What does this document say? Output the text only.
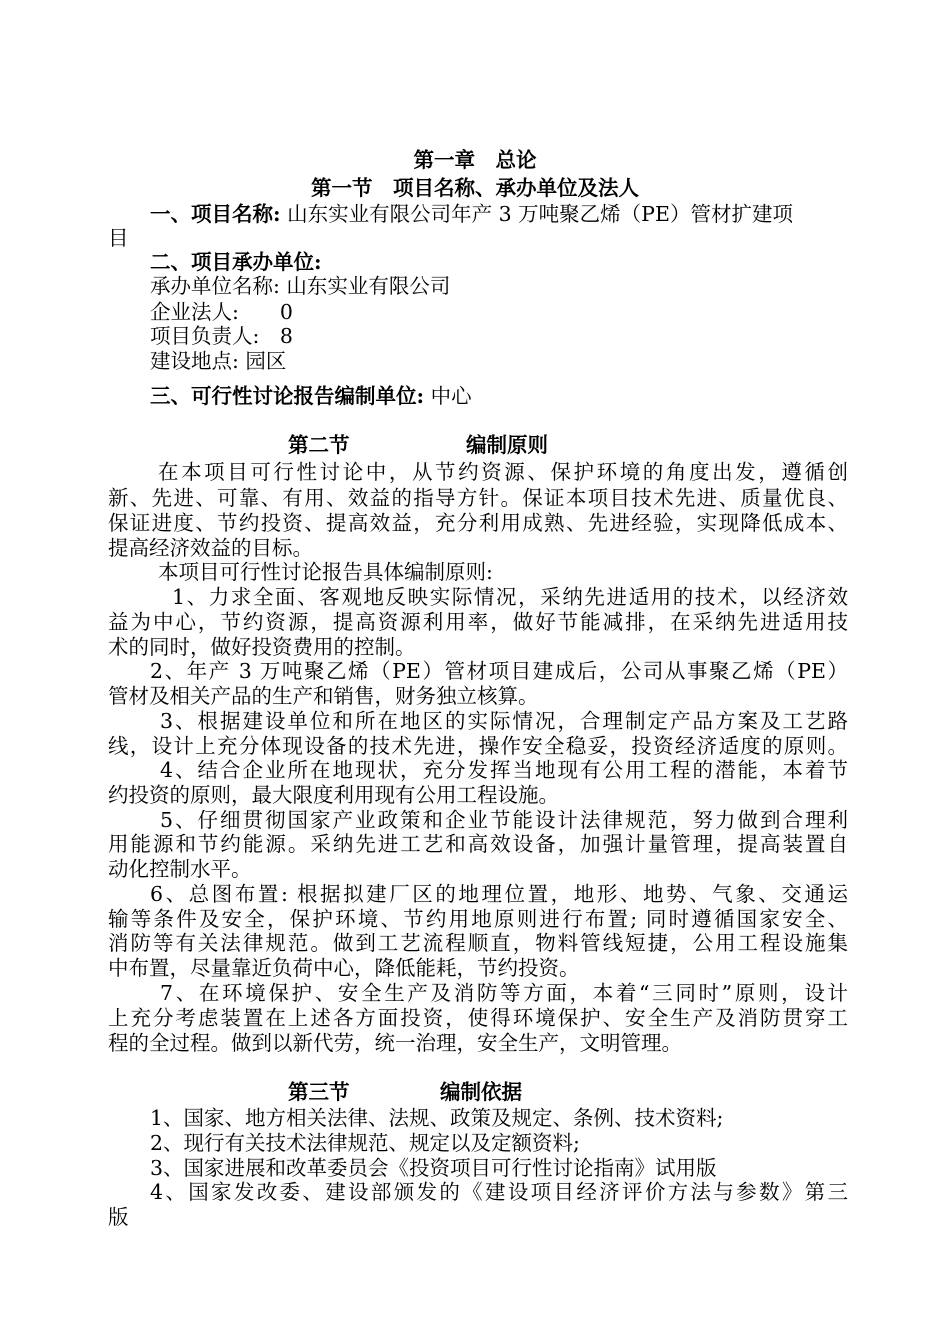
第一章　总论
第一节　项目名称、承办单位及法人
一、项目名称: 山东实业有限公司年产 3 万吨聚乙烯（PE）管材扩建项
目
二、项目承办单位:
承办单位名称: 山东实业有限公司
企业法人:　　0
项目负责人:　8
建设地点: 园区
三、可行性讨论报告编制单位: 中心
第二节	编制原则
在本项目可行性讨论中，从节约资源、保护环境的角度出发，遵循创
新、先进、可靠、有用、效益的指导方针。保证本项目技术先进、质量优良、
保证进度、节约投资、提高效益，充分利用成熟、先进经验，实现降低成本、
提高经济效益的目标。
本项目可行性讨论报告具体编制原则:
1、力求全面、客观地反映实际情况，采纳先进适用的技术，以经济效
益为中心，节约资源，提高资源利用率，做好节能减排，在采纳先进适用技
术的同时，做好投资费用的控制。
2、年产 3 万吨聚乙烯（PE）管材项目建成后，公司从事聚乙烯（PE）
管材及相关产品的生产和销售，财务独立核算。
3、根据建设单位和所在地区的实际情况，合理制定产品方案及工艺路
线，设计上充分体现设备的技术先进，操作安全稳妥，投资经济适度的原则。
4、结合企业所在地现状，充分发挥当地现有公用工程的潜能，本着节
约投资的原则，最大限度利用现有公用工程设施。
5、仔细贯彻国家产业政策和企业节能设计法律规范，努力做到合理利
用能源和节约能源。采纳先进工艺和高效设备，加强计量管理，提高装置自
动化控制水平。
6、总图布置: 根据拟建厂区的地理位置，地形、地势、气象、交通运
输等条件及安全，保护环境、节约用地原则进行布置; 同时遵循国家安全、
消防等有关法律规范。做到工艺流程顺直，物料管线短捷，公用工程设施集
中布置，尽量靠近负荷中心，降低能耗，节约投资。
7、在环境保护、安全生产及消防等方面，本着“三同时”原则，设计
上充分考虑装置在上述各方面投资，使得环境保护、安全生产及消防贯穿工
程的全过程。做到以新代劳，统一治理，安全生产，文明管理。
第三节	编制依据
1、国家、地方相关法律、法规、政策及规定、条例、技术资料;
2、现行有关技术法律规范、规定以及定额资料;
3、国家进展和改革委员会《投资项目可行性讨论指南》试用版
4、国家发改委、建设部颁发的《建设项目经济评价方法与参数》第三
版
